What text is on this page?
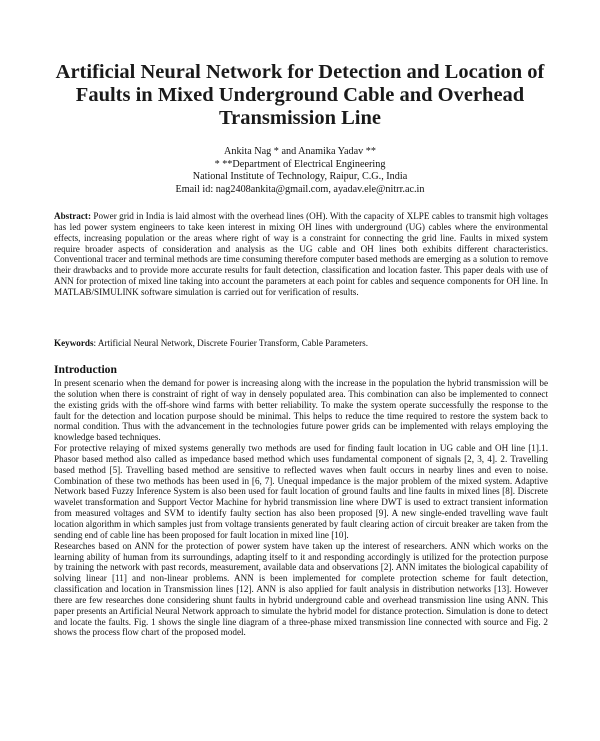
Artificial Neural Network for Detection and Location of Faults in Mixed Underground Cable and Overhead Transmission Line
Ankita Nag * and Anamika Yadav **
* **Department of Electrical Engineering
National Institute of Technology, Raipur, C.G., India
Email id: nag2408ankita@gmail.com, ayadav.ele@nitrr.ac.in
Abstract: Power grid in India is laid almost with the overhead lines (OH). With the capacity of XLPE cables to transmit high voltages has led power system engineers to take keen interest in mixing OH lines with underground (UG) cables where the environmental effects, increasing population or the areas where right of way is a constraint for connecting the grid line. Faults in mixed system require broader aspects of consideration and analysis as the UG cable and OH lines both exhibits different characteristics. Conventional tracer and terminal methods are time consuming therefore computer based methods are emerging as a solution to remove their drawbacks and to provide more accurate results for fault detection, classification and location faster. This paper deals with use of ANN for protection of mixed line taking into account the parameters at each point for cables and sequence components for OH line. In MATLAB/SIMULINK software simulation is carried out for verification of results.
Keywords: Artificial Neural Network, Discrete Fourier Transform, Cable Parameters.
Introduction

In present scenario when the demand for power is increasing along with the increase in the population the hybrid transmission will be the solution when there is constraint of right of way in densely populated area. This combination can also be implemented to connect the existing grids with the off-shore wind farms with better reliability. To make the system operate successfully the response to the fault for the detection and location purpose should be minimal. This helps to reduce the time required to restore the system back to normal condition. Thus with the advancement in the technologies future power grids can be implemented with relays employing the knowledge based techniques.

For protective relaying of mixed systems generally two methods are used for finding fault location in UG cable and OH line [1].1. Phasor based method also called as impedance based method which uses fundamental component of signals [2, 3, 4]. 2. Travelling based method [5]. Travelling based method are sensitive to reflected waves when fault occurs in nearby lines and even to noise. Combination of these two methods has been used in [6, 7]. Unequal impedance is the major problem of the mixed system. Adaptive Network based Fuzzy Inference System is also been used for fault location of ground faults and line faults in mixed lines [8]. Discrete wavelet transformation and Support Vector Machine for hybrid transmission line where DWT is used to extract transient information from measured voltages and SVM to identify faulty section has also been proposed [9]. A new single-ended travelling wave fault location algorithm in which samples just from voltage transients generated by fault clearing action of circuit breaker are taken from the sending end of cable line has been proposed for fault location in mixed line [10].

Researches based on ANN for the protection of power system have taken up the interest of researchers. ANN which works on the learning ability of human from its surroundings, adapting itself to it and responding accordingly is utilized for the protection purpose by training the network with past records, measurement, available data and observations [2]. ANN imitates the biological capability of solving linear [11] and non-linear problems. ANN is been implemented for complete protection scheme for fault detection, classification and location in Transmission lines [12]. ANN is also applied for fault analysis in distribution networks [13]. However there are few researches done considering shunt faults in hybrid underground cable and overhead transmission line using ANN. This paper presents an Artificial Neural Network approach to simulate the hybrid model for distance protection. Simulation is done to detect and locate the faults. Fig. 1 shows the single line diagram of a three-phase mixed transmission line connected with source and Fig. 2 shows the process flow chart of the proposed model.
